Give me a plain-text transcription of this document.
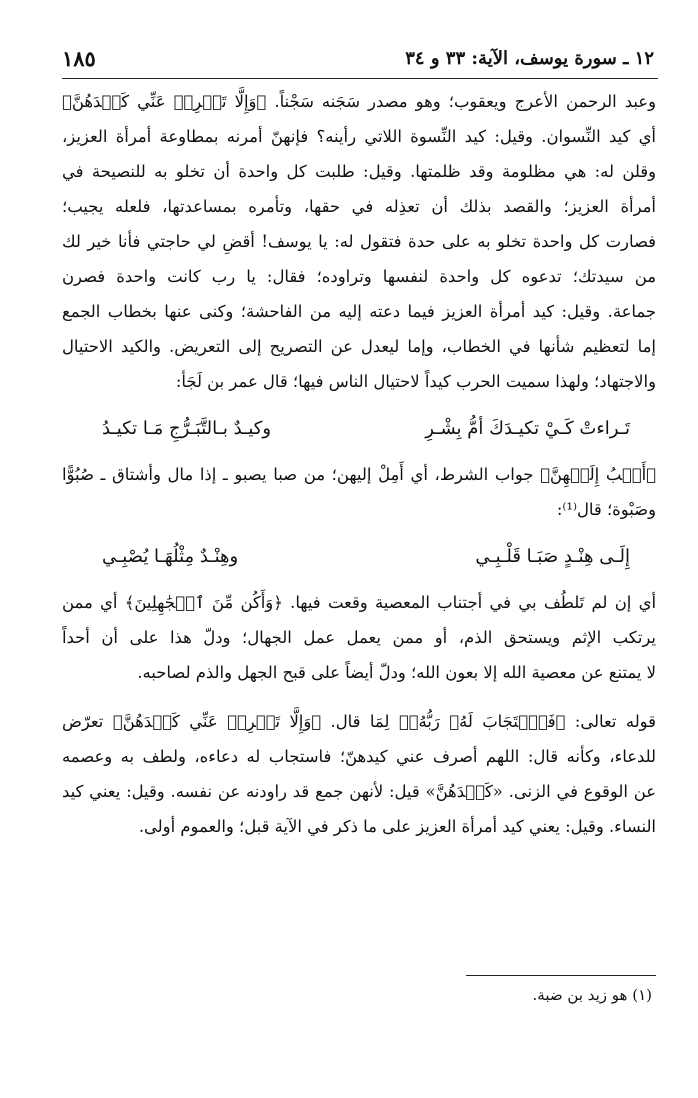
١٢ ـ سورة يوسف، الآية: ٣٣ و ٣٤
١٨٥
وعبد الرحمن الأعرج ويعقوب؛ وهو مصدر سَجَنه سَجْناً. ﴿وَإِلَّا تَصۡرِفۡ عَنِّي كَيۡدَهُنَّ﴾
أي كيد النِّسوان. وقيل: كيد النِّسوة اللاتي رأينه؟ فإنهنّ أمرنه بمطاوعة أمرأة العزيز،
وقلن له: هي مظلومة وقد ظلمتها. وقيل: طلبت كل واحدة أن تخلو به للنصيحة في
أمرأة العزيز؛ والقصد بذلك أن تعذِله في حقها، وتأمره بمساعدتها، فلعله يجيب؛
فصارت كل واحدة تخلو به على حدة فتقول له: يا يوسف! أقضِ لي حاجتي فأنا خير لك
من سيدتك؛ تدعوه كل واحدة لنفسها وتراوده؛ فقال: يا رب كانت واحدة فصرن
جماعة. وقيل: كيد أمرأة العزيز فيما دعته إليه من الفاحشة؛ وكنى عنها بخطاب الجمع
إما لتعظيم شأنها في الخطاب، وإما ليعدل عن التصريح إلى التعريض. والكيد الاحتيال
والاجتهاد؛ ولهذا سميت الحرب كيداً لاحتيال الناس فيها؛ قال عمر بن لَجَأ:
تَـراءتْ كَـيْ تكيـدَكَ أمُّ بِشْـرِ
وكيـدٌ بـالتَّبَـرُّجِ مَـا تكيـدُ
﴿أَصۡبُ إِلَيۡهِنَّ﴾ جواب الشرط، أي أَمِلْ إليهن؛ من صبا يصبو ـ إذا مال وأشتاق ـ صُبُوًّا
وصَبْوة؛ قال⁽¹⁾:
إِلَـى هِنْـدٍ صَبَـا قَلْـبِـي
وهِنْـدٌ مِثْلُهَـا يُصْبِـي
أي إن لم تَلطُف بي في أجتناب المعصية وقعت فيها. ﴿وَأَكُن مِّنَ ٱلۡجَٰهِلِينَ﴾ أي ممن
يرتكب الإثم ويستحق الذم، أو ممن يعمل عمل الجهال؛ ودلّ هذا على أن أحداً
لا يمتنع عن معصية الله إلا بعون الله؛ ودلّ أيضاً على قبح الجهل والذم لصاحبه.
قوله تعالى: ﴿فَٱسۡتَجَابَ لَهُۥ رَبُّهُۥ﴾ لِمَا قال. ﴿وَإِلَّا تَصۡرِفۡ عَنِّي كَيۡدَهُنَّ﴾ تعرّض
للدعاء، وكأنه قال: اللهم أصرف عني كيدهنّ؛ فاستجاب له دعاءه، ولطف به وعصمه
عن الوقوع في الزنى. «كَيۡدَهُنَّ» قيل: لأنهن جمع قد راودنه عن نفسه. وقيل: يعني كيد
النساء. وقيل: يعني كيد أمرأة العزيز على ما ذكر في الآية قبل؛ والعموم أولى.
(١) هو زيد بن ضبة.
